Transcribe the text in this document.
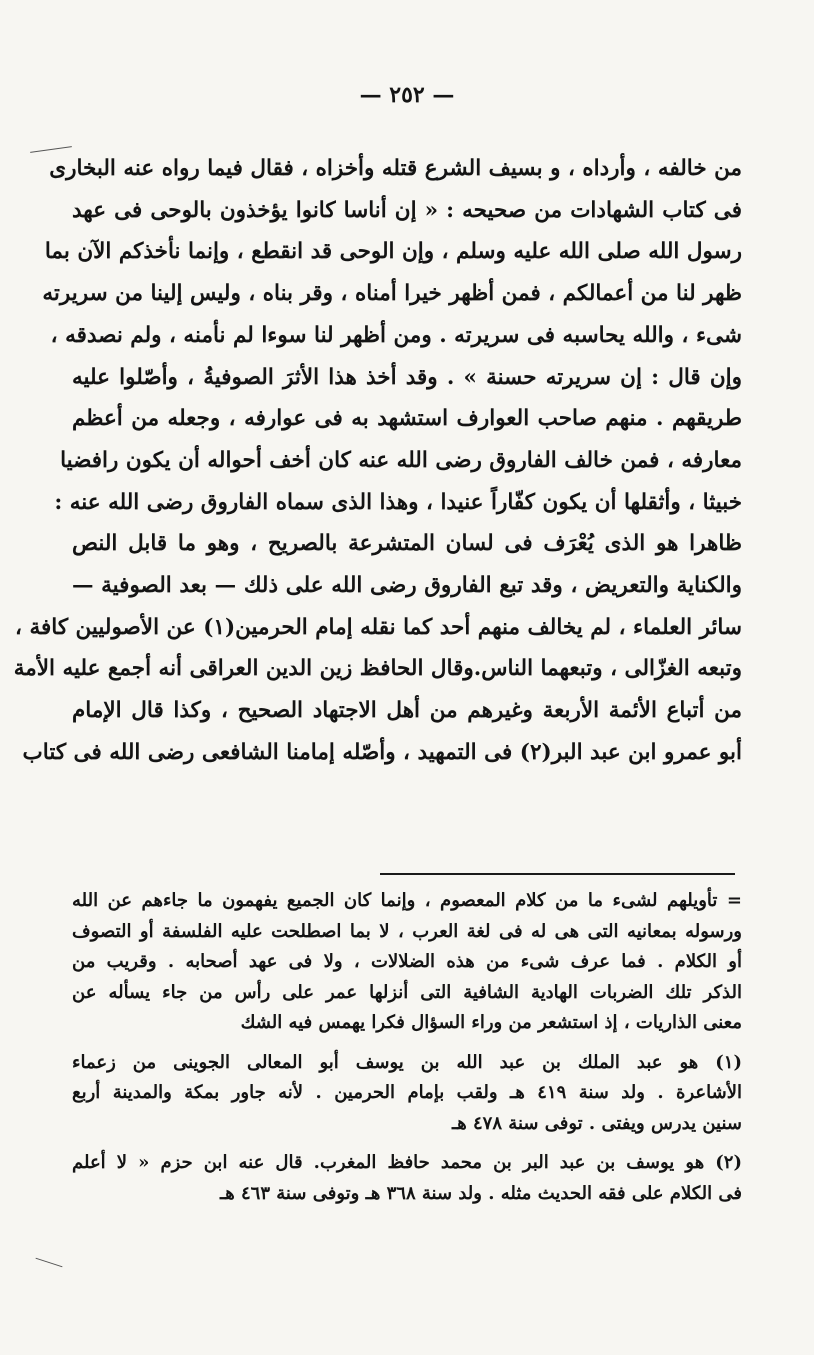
— ٢٥٢ —
من خالفه ، وأرداه ، و بسيف الشرع قتله وأخزاه ، فقال فيما رواه عنه البخارى
فى كتاب الشهادات من صحيحه : « إن أناسا كانوا يؤخذون بالوحى فى عهد
رسول الله صلى الله عليه وسلم ، وإن الوحى قد انقطع ، وإنما نأخذكم الآن بما
ظهر لنا من أعمالكم ، فمن أظهر خيرا أمناه ، وقر بناه ، وليس إلينا من سريرته
شىء ، والله يحاسبه فى سريرته . ومن أظهر لنا سوءا لم نأمنه ، ولم نصدقه ،
وإن قال : إن سريرته حسنة » . وقد أخذ هذا الأثرَ الصوفيةُ ، وأصّلوا عليه
طريقهم . منهم صاحب العوارف استشهد به فى عوارفه ، وجعله من أعظم
معارفه ، فمن خالف الفاروق رضى الله عنه كان أخف أحواله أن يكون رافضيا
خبيثا ، وأثقلها أن يكون كفّاراً عنيدا ، وهذا الذى سماه الفاروق رضى الله عنه :
ظاهرا هو الذى يُعْرَف فى لسان المتشرعة بالصريح ، وهو ما قابل النص
والكناية والتعريض ، وقد تبع الفاروق رضى الله على ذلك — بعد الصوفية —
سائر العلماء ، لم يخالف منهم أحد كما نقله إمام الحرمين(١) عن الأصوليين كافة ،
وتبعه الغزّالى ، وتبعهما الناس.وقال الحافظ زين الدين العراقى أنه أجمع عليه الأمة
من أتباع الأئمة الأربعة وغيرهم من أهل الاجتهاد الصحيح ، وكذا قال الإمام
أبو عمرو ابن عبد البر(٢) فى التمهيد ، وأصّله إمامنا الشافعى رضى الله فى كتاب
= تأويلهم لشىء ما من كلام المعصوم ، وإنما كان الجميع يفهمون ما جاءهم عن الله
ورسوله بمعانيه التى هى له فى لغة العرب ، لا بما اصطلحت عليه الفلسفة أو التصوف
أو الكلام . فما عرف شىء من هذه الضلالات ، ولا فى عهد أصحابه . وقريب من
الذكر تلك الضربات الهادية الشافية التى أنزلها عمر على رأس من جاء يسأله عن
معنى الذاريات ، إذ استشعر من وراء السؤال فكرا يهمس فيه الشك
(١) هو عبد الملك بن عبد الله بن يوسف أبو المعالى الجوينى من زعماء
الأشاعرة . ولد سنة ٤١٩ هـ ولقب بإمام الحرمين . لأنه جاور بمكة والمدينة أربع
سنين يدرس ويفتى . توفى سنة ٤٧٨ هـ
(٢) هو يوسف بن عبد البر بن محمد حافظ المغرب. قال عنه ابن حزم « لا أعلم
فى الكلام على فقه الحديث مثله . ولد سنة ٣٦٨ هـ وتوفى سنة ٤٦٣ هـ
